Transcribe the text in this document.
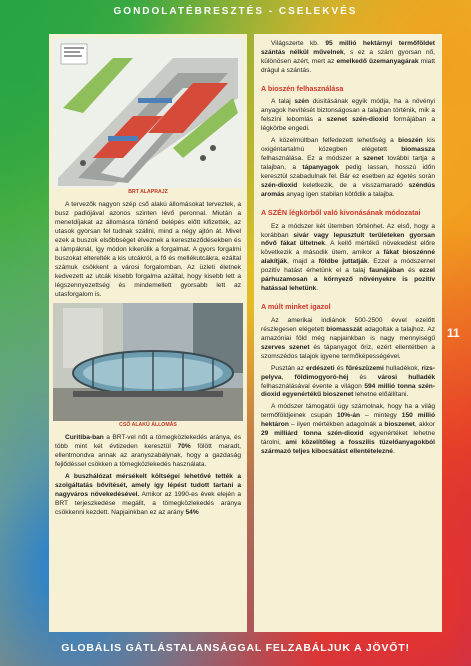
GONDOLATÉBRESZTÉS - CSELEKVÉS
BRT ALAPRAJZ

A tervezők nagyon szép cső alakú állomásokat terveztek, a busz padlójával azonos szinten lévő peronnal. Miután a menetdíjakat az állomásra történő belépés előtt kifizették, az utasok gyorsan fel tudnak szállni, mind a négy ajtón át. Mivel ezek a buszok elsőbbséget élveznek a kereszteződésekben és a lámpáknál, így módon kikerülik a forgalmat. A gyors forgalmi buszokat elterelték a kis utcákról, a fő és mellékutcákra, ezáltal számuk csökkent a városi forgalomban. Az üzleti életnek kedvezett az utcák kisebb forgalma azáltal, hogy kisebb lett a légszennyezettség és mindemellett gyorsabb lett az utasforgalom is.

CSŐ ALAKÚ ÁLLOMÁS

Curitiba-ban a BRT-vel nőt a tömegközlekedés aránya, és több mint két évtizeden keresztül 70% fölött maradt, ellentmondva annak az aranyszabálynak, hogy a gazdaság fejlődéssel csökken a tömegközlekedés használata.

A buszhálózat mérsékelt költségei lehetővé tették a szolgáltatás bővítését, amely így lépést tudott tartani a nagyváros növekedésével. Amikor az 1990-es évek elején a BRT terjeszkedése megállt, a tömegközlekedés aránya csökkenni kezdett. Napjainkban ez az arány 54%

Világszerte kb. 95 millió hektárnyi termőföldet szántás nélkül művelnek, s ez a szám gyorsan nő, különösen azért, mert az emelkedő üzemanyagárak miatt drágul a szántás.

A bioszén felhasználása

A talaj szén dúsításának egyik módja, ha a növényi anyagok hevítését biztonságosan a talajban történik, mik a felszíni lebomlás a szenet szén-dioxid formájában a légkörbe engedi.

A közelmúltban felfedezett lehetőség a bioszén kis oxigéntartalmú közegben elégetett biomassza felhasználása. Ez a módszer a szenet további tartja a talajban, a tápanyagok pedig lassan, hosszú időn keresztül szabadulnak fel. Bár ez esetben az égetés során szén-dioxid keletkezik, de a visszamaradó széndús aromás anyag igen stabilan kötődik a talajba.

A SZÉN légkörből való kivonásának módozatai

Ez a módszer két ütemben történhet. Az első, hogy a korábban sivár vagy lepusztult területeken gyorsan nővő fákat ültetnek. A kellő mértékű növekedést előre következik a második ütem, amikor a fákat bioszénné alakítják, majd a földbe juttatják. Ezzel a módszernel pozitív hatást érhetünk el a talaj faunájában és ezzel párhuzamosan a környező növényekre is pozitív hatással lehetünk.

A múlt minket igazol

Az amerikai indiánok 500-2500 évvel ezelőtt részlegesen elégetett biomasszát adagoltak a talajhoz. Az amazóniai föld még napjainkban is nagy mennyiségű szerves szenet és tápanyagot őriz, ezért ellentétben a szomszédos talajok igyene termőképességével.

Pusztán az erdészeti és fűrészüzemi hulladékok, rizs-pelyva, földimogyoró-héj és városi hulladék felhasználásával évente a világon 594 millió tonna szén-dioxid egyenértékű bioszenet lehetne előállítani.

A módszer támogatói úgy számolnak, hogy ha a világ termőföldjeinek csupán 10%-án – mintegy 150 millió hektáron – ilyen mértékben adagolnák a bioszenet, akkor 29 milliárd tonna szén-dioxid egyenértéket lehetne tárolni, ami közelítőleg a fosszilis tüzelőanyagokból származó teljes kibocsátást ellentételezné.

11
GLOBÁLIS GÁTLÁSTALANSÁGGAL FELZABÁLJUK A JÖVŐT!
